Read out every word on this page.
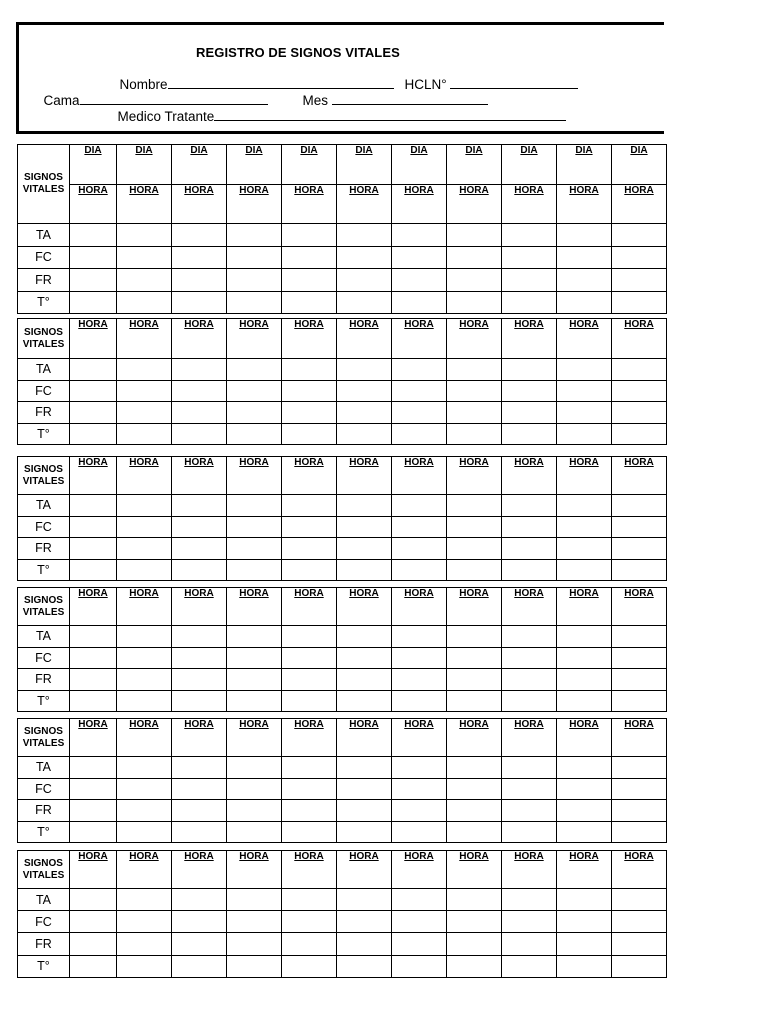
REGISTRO DE SIGNOS VITALES

Nombre	HCLN°

Cama	Mes

Medico Tratante

SIGNOS VITALES	DIA	DIA	DIA	DIA	DIA	DIA	DIA	DIA	DIA	DIA	DIA
	HORA	HORA	HORA	HORA	HORA	HORA	HORA	HORA	HORA	HORA	HORA
TA											
FC											
FR											
T°											
SIGNOS VITALES	HORA	HORA	HORA	HORA	HORA	HORA	HORA	HORA	HORA	HORA	HORA
TA											
FC											
FR											
T°											
SIGNOS VITALES	HORA	HORA	HORA	HORA	HORA	HORA	HORA	HORA	HORA	HORA	HORA
TA											
FC											
FR											
T°											
SIGNOS VITALES	HORA	HORA	HORA	HORA	HORA	HORA	HORA	HORA	HORA	HORA	HORA
TA											
FC											
FR											
T°											
SIGNOS VITALES	HORA	HORA	HORA	HORA	HORA	HORA	HORA	HORA	HORA	HORA	HORA
TA											
FC											
FR											
T°											
SIGNOS VITALES	HORA	HORA	HORA	HORA	HORA	HORA	HORA	HORA	HORA	HORA	HORA
TA											
FC											
FR											
T°											
